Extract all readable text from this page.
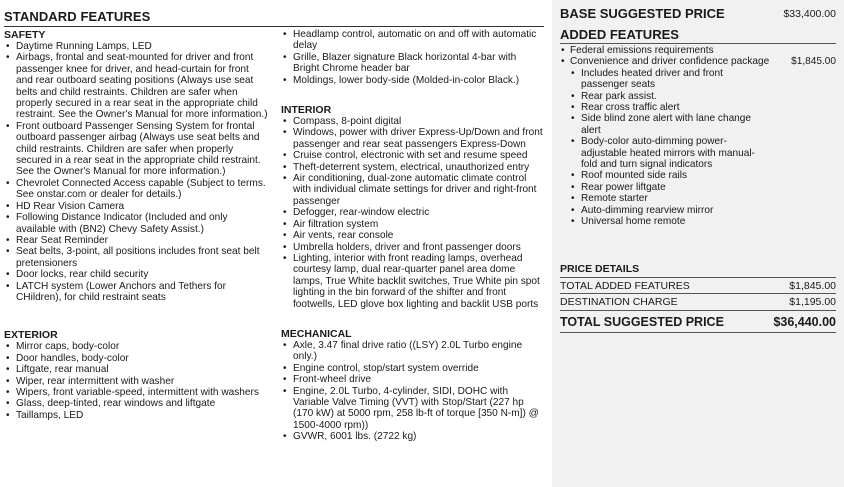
STANDARD FEATURES
SAFETY
• Daytime Running Lamps, LED
• Airbags, frontal and seat-mounted for driver and front passenger knee for driver, and head-curtain for front and rear outboard seating positions (Always use seat belts and child restraints. Children are safer when properly secured in a rear seat in the appropriate child restraint. See the Owner's Manual for more information.)
• Front outboard Passenger Sensing System for frontal outboard passenger airbag (Always use seat belts and child restraints. Children are safer when properly secured in a rear seat in the appropriate child restraint. See the Owner's Manual for more information.)
• Chevrolet Connected Access capable (Subject to terms. See onstar.com or dealer for details.)
• HD Rear Vision Camera
• Following Distance Indicator (Included and only available with (BN2) Chevy Safety Assist.)
• Rear Seat Reminder
• Seat belts, 3-point, all positions includes front seat belt pretensioners
• Door locks, rear child security
• LATCH system (Lower Anchors and Tethers for CHildren), for child restraint seats
EXTERIOR
• Mirror caps, body-color
• Door handles, body-color
• Liftgate, rear manual
• Wiper, rear intermittent with washer
• Wipers, front variable-speed, intermittent with washers
• Glass, deep-tinted, rear windows and liftgate
• Taillamps, LED
• Headlamp control, automatic on and off with automatic delay
• Grille, Blazer signature Black horizontal 4-bar with Bright Chrome header bar
• Moldings, lower body-side (Molded-in-color Black.)
INTERIOR
• Compass, 8-point digital
• Windows, power with driver Express-Up/Down and front passenger and rear seat passengers Express-Down
• Cruise control, electronic with set and resume speed
• Theft-deterrent system, electrical, unauthorized entry
• Air conditioning, dual-zone automatic climate control with individual climate settings for driver and right-front passenger
• Defogger, rear-window electric
• Air filtration system
• Air vents, rear console
• Umbrella holders, driver and front passenger doors
• Lighting, interior with front reading lamps, overhead courtesy lamp, dual rear-quarter panel area dome lamps, True White backlit switches, True White pin spot lighting in the bin forward of the shifter and front footwells, LED glove box lighting and backlit USB ports
MECHANICAL
• Axle, 3.47 final drive ratio ((LSY) 2.0L Turbo engine only.)
• Engine control, stop/start system override
• Front-wheel drive
• Engine, 2.0L Turbo, 4-cylinder, SIDI, DOHC with Variable Valve Timing (VVT) with Stop/Start (227 hp (170 kW) at 5000 rpm, 258 lb-ft of torque [350 N-m]) @ 1500-4000 rpm))
• GVWR, 6001 lbs. (2722 kg)
BASE SUGGESTED PRICE	$33,400.00
ADDED FEATURES
• Federal emissions requirements
• Convenience and driver confidence package	$1,845.00
• Includes heated driver and front passenger seats
• Rear park assist.
• Rear cross traffic alert
• Side blind zone alert with lane change alert
• Body-color auto-dimming power-adjustable heated mirrors with manual-fold and turn signal indicators
• Roof mounted side rails
• Rear power liftgate
• Remote starter
• Auto-dimming rearview mirror
• Universal home remote
PRICE DETAILS
TOTAL ADDED FEATURES	$1,845.00
DESTINATION CHARGE	$1,195.00
TOTAL SUGGESTED PRICE	$36,440.00
